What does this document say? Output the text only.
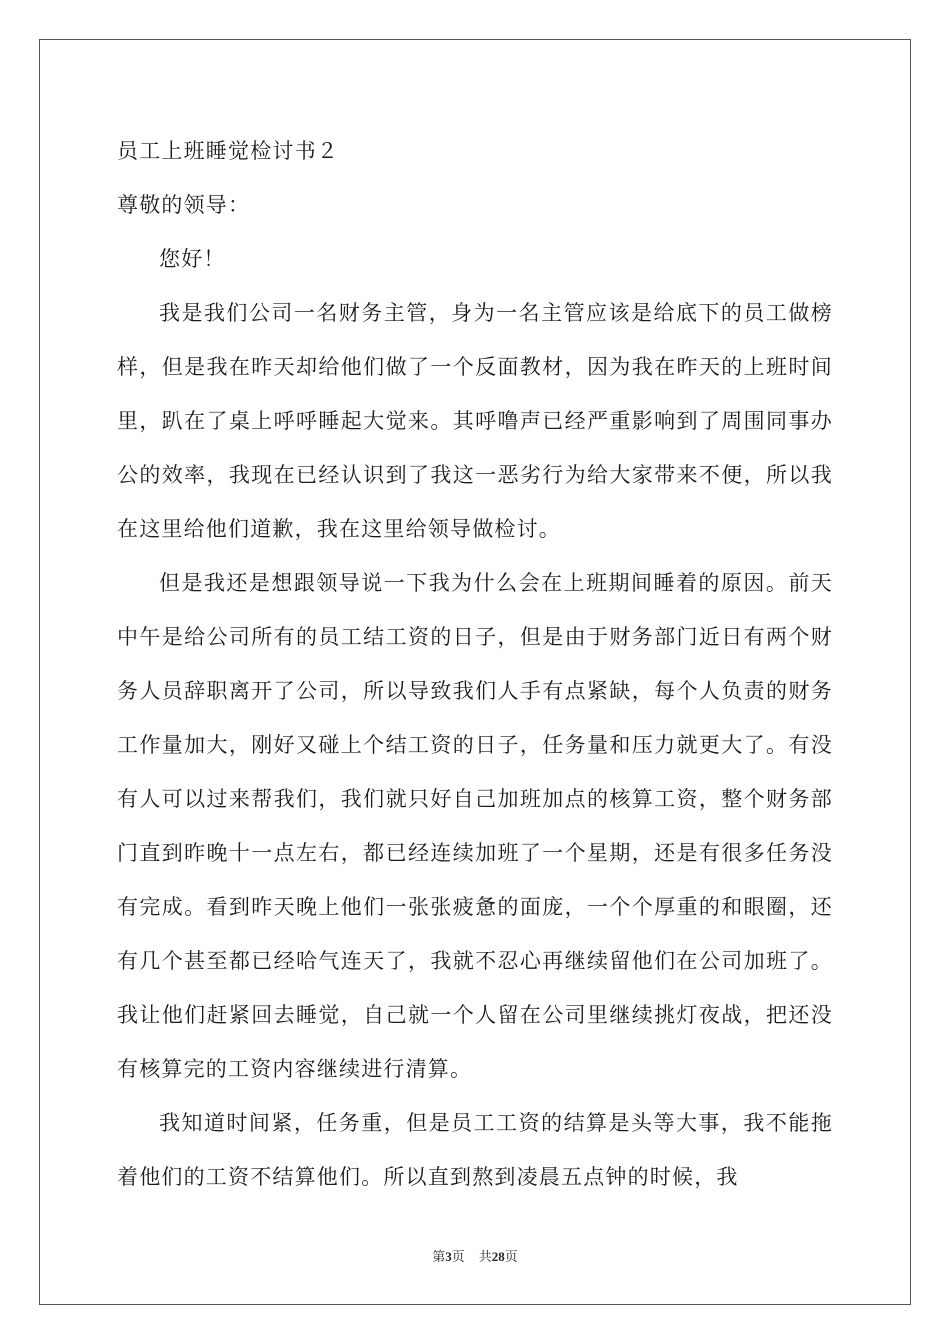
员工上班睡觉检讨书２

尊敬的领导：

您好！

我是我们公司一名财务主管，身为一名主管应该是给底下的员工做榜样，但是我在昨天却给他们做了一个反面教材，因为我在昨天的上班时间里，趴在了桌上呼呼睡起大觉来。其呼噜声已经严重影响到了周围同事办公的效率，我现在已经认识到了我这一恶劣行为给大家带来不便，所以我在这里给他们道歉，我在这里给领导做检讨。

但是我还是想跟领导说一下我为什么会在上班期间睡着的原因。前天中午是给公司所有的员工结工资的日子，但是由于财务部门近日有两个财务人员辞职离开了公司，所以导致我们人手有点紧缺，每个人负责的财务工作量加大，刚好又碰上个结工资的日子，任务量和压力就更大了。有没有人可以过来帮我们，我们就只好自己加班加点的核算工资，整个财务部门直到昨晚十一点左右，都已经连续加班了一个星期，还是有很多任务没有完成。看到昨天晚上他们一张张疲惫的面庞，一个个厚重的和眼圈，还有几个甚至都已经哈气连天了，我就不忍心再继续留他们在公司加班了。我让他们赶紧回去睡觉，自己就一个人留在公司里继续挑灯夜战，把还没有核算完的工资内容继续进行清算。

我知道时间紧，任务重，但是员工工资的结算是头等大事，我不能拖着他们的工资不结算他们。所以直到熬到凌晨五点钟的时候，我

第3页 共28页
